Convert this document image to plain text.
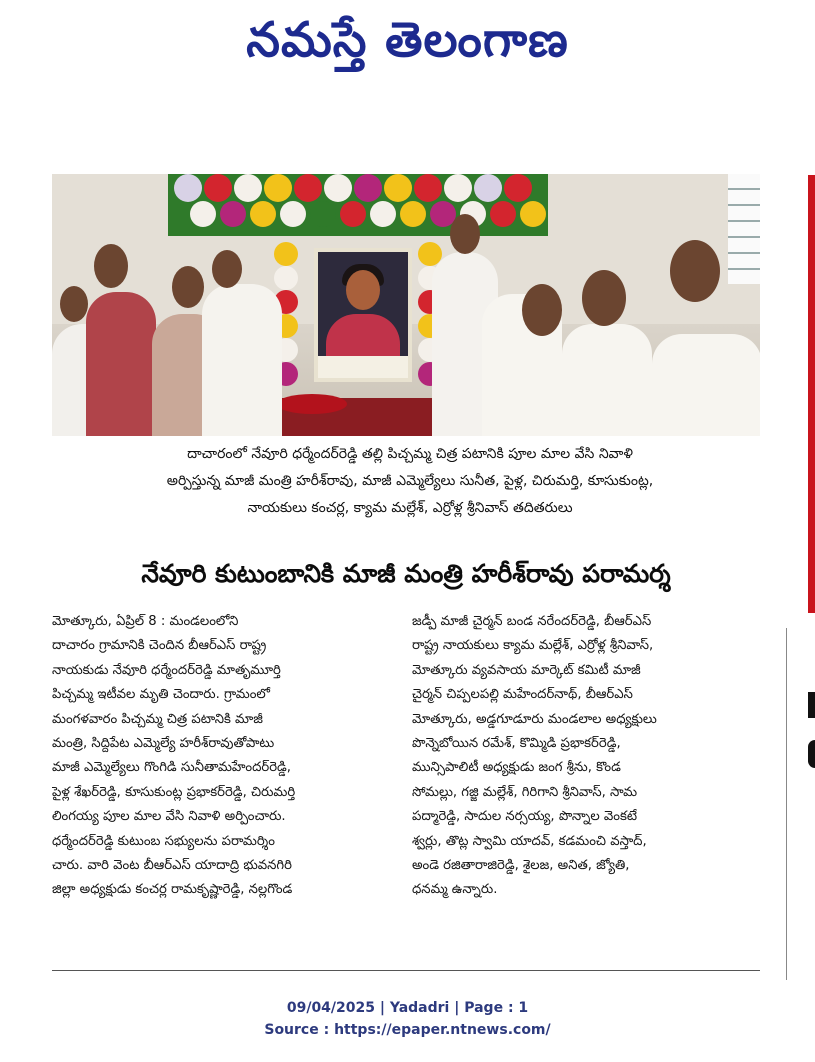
నమస్తే తెలంగాణ
దాచారంలో నేవూరి ధర్మేందర్‌రెడ్డి తల్లి పిచ్చమ్మ చిత్ర పటానికి పూల మాల వేసి నివాళి
అర్పిస్తున్న మాజీ మంత్రి హరీశ్‌రావు, మాజీ ఎమ్మెల్యేలు సునీత, పైళ్ల, చిరుమర్తి, కూసుకుంట్ల,
నాయకులు కంచర్ల, క్యామ మల్లేశ్‌, ఎర్రోళ్ల శ్రీనివాస్‌ తదితరులు
నేవూరి కుటుంబానికి మాజీ మంత్రి హరీశ్‌రావు పరామర్శ
మోత్కూరు, ఏప్రిల్‌ 8 : మండలంలోని
దాచారం గ్రామానికి చెందిన బీఆర్‌ఎస్‌ రాష్ట్ర
నాయకుడు నేవూరి ధర్మేందర్‌రెడ్డి మాతృమూర్తి
పిచ్చమ్మ ఇటీవల మృతి చెందారు. గ్రామంలో
మంగళవారం పిచ్చమ్మ చిత్ర పటానికి మాజీ
మంత్రి, సిద్దిపేట ఎమ్మెల్యే హరీశ్‌రావుతోపాటు
మాజీ ఎమ్మెల్యేలు గొంగిడి సునీతామహేందర్‌రెడ్డి,
పైళ్ల శేఖర్‌రెడ్డి, కూసుకుంట్ల ప్రభాకర్‌రెడ్డి, చిరుమర్తి
లింగయ్య పూల మాల వేసి నివాళి అర్పించారు.
ధర్మేందర్‌రెడ్డి కుటుంబ సభ్యులను పరామర్శిం
చారు. వారి వెంట బీఆర్‌ఎస్‌ యాదాద్రి భువనగిరి
జిల్లా అధ్యక్షుడు కంచర్ల రామకృష్ణారెడ్డి, నల్లగొండ
జడ్పీ మాజీ చైర్మన్‌ బండ నరేందర్‌రెడ్డి, బీఆర్‌ఎస్‌
రాష్ట్ర నాయకులు క్యామ మల్లేశ్‌, ఎర్రోళ్ల శ్రీనివాస్‌,
మోత్కూరు వ్యవసాయ మార్కెట్‌ కమిటీ మాజీ
చైర్మన్‌ చిప్పలపల్లి మహేందర్‌నాథ్‌, బీఆర్‌ఎస్‌
మోత్కూరు, అడ్డగూడూరు మండలాల అధ్యక్షులు
పొన్నెబోయిన రమేశ్‌, కొమ్మిడి ప్రభాకర్‌రెడ్డి,
మున్సిపాలిటీ అధ్యక్షుడు జంగ శ్రీను, కొండ
సోమల్లు, గజ్జి మల్లేశ్‌, గిరిగాని శ్రీనివాస్‌, సామ
పద్మారెడ్డి, సాదుల నర్సయ్య, పొన్నాల వెంకటే
శ్వర్లు, తొట్ల స్వామి యాదవ్‌, కడమంచి వస్తాద్‌,
అండె రజితారాజిరెడ్డి, శైలజ, అనిత, జ్యోతి,
ధనమ్మ ఉన్నారు.
09/04/2025 | Yadadri | Page : 1
Source : https://epaper.ntnews.com/
